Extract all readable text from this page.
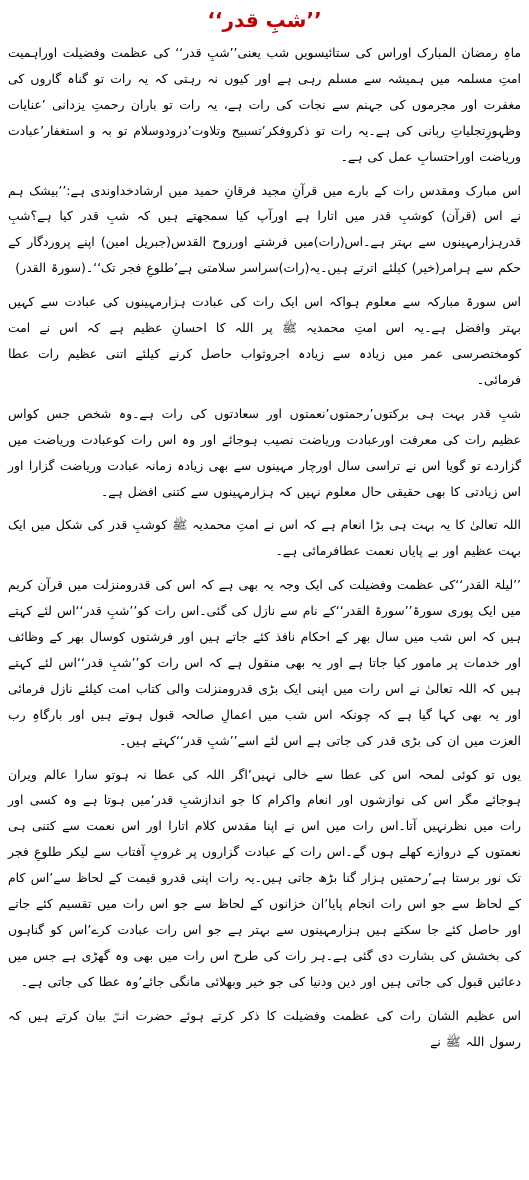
’’شبِ قدر‘‘

ماہِ رمضان المبارک اوراس کی ستائیسویں شب یعنی’’شبِ قدر‘‘ کی عظمت وفضیلت اوراہمیت امتِ مسلمہ میں ہمیشہ سے مسلم رہی ہے اور کیوں نہ رہتی کہ یہ رات تو گناہ گاروں کی مغفرت اور مجرموں کی جہنم سے نجات کی رات ہے، یہ رات تو باران رحمتِ یزدانی ’عنایات وظہورِتجلیاتِ ربانی کی ہے۔یہ رات تو ذکروفکر’تسبیح وتلاوت’درودوسلام تو بہ و استغفار’عبادت وریاضت اوراحتسابِ عمل کی ہے۔

اس مبارک ومقدس رات کے بارے میں قرآنِ مجید فرقانِ حمید میں ارشادخداوندی ہے:’’بیشک ہم نے اس (قرآن) کوشبِ قدر میں اتارا ہے اورآپ کیا سمجھتے ہیں کہ شبِ قدر کیا ہے؟شبِ قدرہزارمہینوں سے بہتر ہے۔اس(رات)میں فرشتے اورروح القدس(جبریل امین) اپنے پروردگار کے حکم سے ہرامر(خیر) کیلئے اترتے ہیں۔یہ(رات)سراسر سلامتی ہے’طلوعِ فجر تک‘‘۔(سورۃ القدر)

اس سورۃ مبارکہ سے معلوم ہواکہ اس ایک رات کی عبادت ہزارمہینوں کی عبادت سے کہیں بہتر وافضل ہے۔یہ اس امتِ محمدیہ ﷺ پر اللہ کا احسانِ عظیم ہے کہ اس نے امت کومختصرسی عمر میں زیادہ سے زیادہ اجروثواب حاصل کرنے کیلئے اتنی عظیم رات عطا فرمائی۔

شبِ قدر بہت ہی برکتوں’رحمتوں’نعمتوں اور سعادتوں کی رات ہے۔وہ شخص جس کواس عظیم رات کی معرفت اورعبادت وریاضت نصیب ہوجائے اور وہ اس رات کوعبادت وریاضت میں گزاردے تو گویا اس نے تراسی سال اورچار مہینوں سے بھی زیادہ زمانہ عبادت وریاضت گزارا اور اس زیادتی کا بھی حقیقی حال معلوم نہیں کہ ہزارمہینوں سے کتنی افضل ہے۔

اللہ تعالیٰ کا یہ بہت ہی بڑا انعام ہے کہ اس نے امتِ محمدیہ ﷺ کوشبِ قدر کی شکل میں ایک بہت عظیم اور بے پایاں نعمت عطافرمائی ہے۔

’’لیلۃ القدر‘‘کی عظمت وفضیلت کی ایک وجہ یہ بھی ہے کہ اس کی قدرومنزلت میں قرآن کریم میں ایک پوری سورۃ’’سورۃ القدر‘‘کے نام سے نازل کی گئی۔اس رات کو’’شبِ قدر‘‘اس لئے کہتے ہیں کہ اس شب میں سال بھر کے احکام نافذ کئے جاتے ہیں اور فرشتوں کوسال بھر کے وظائف اور خدمات پر مامور کیا جاتا ہے اور یہ بھی منقول ہے کہ اس رات کو’’شبِ قدر‘‘اس لئے کہتے ہیں کہ اللہ تعالیٰ نے اس رات میں اپنی ایک بڑی قدرومنزلت والی کتاب امت کیلئے نازل فرمائی اور یہ بھی کہا گیا ہے کہ چونکہ اس شب میں اعمالِ صالحہ قبول ہوتے ہیں اور بارگاہِ رب العزت میں ان کی بڑی قدر کی جاتی ہے اس لئے اسے’’شبِ قدر‘‘کہتے ہیں۔

یوں تو کوئی لمحہ اس کی عطا سے خالی نہیں’اگر اللہ کی عطا نہ ہوتو سارا عالم ویران ہوجائے مگر اس کی نوازشوں اور انعام واکرام کا جو اندازشبِ قدر‘میں ہوتا ہے وہ کسی اور رات میں نظرنہیں آتا۔اس رات میں اس نے اپنا مقدس کلام اتارا اور اس نعمت سے کتنی ہی نعمتوں کے دروازے کھلے ہوں گے۔اس رات کے عبادت گزاروں پر غروبِ آفتاب سے لیکر طلوعِ فجر تک نور برستا ہے’رحمتیں ہزار گنا بڑھ جاتی ہیں۔یہ رات اپنی قدرو قیمت کے لحاظ سے’اس کام کے لحاظ سے جو اس رات انجام پایا’ان خزانوں کے لحاظ سے جو اس رات میں تقسیم کئے جاتے اور حاصل کئے جا سکتے ہیں ہزارمہینوں سے بہتر ہے جو اس رات عبادت کرے’اس کو گناہوں کی بخشش کی بشارت دی گئی ہے۔ہر رات کی طرح اس رات میں بھی وہ گھڑی ہے جس میں دعائیں قبول کی جاتی ہیں اور دین ودنیا کی جو خیر وبھلائی مانگی جائے’وہ عطا کی جاتی ہے۔

اس عظیم الشان رات کی عظمت وفضیلت کا ذکر کرتے ہوئے حضرت انسؓ بیان کرتے ہیں کہ رسول اللہ ﷺ نے
